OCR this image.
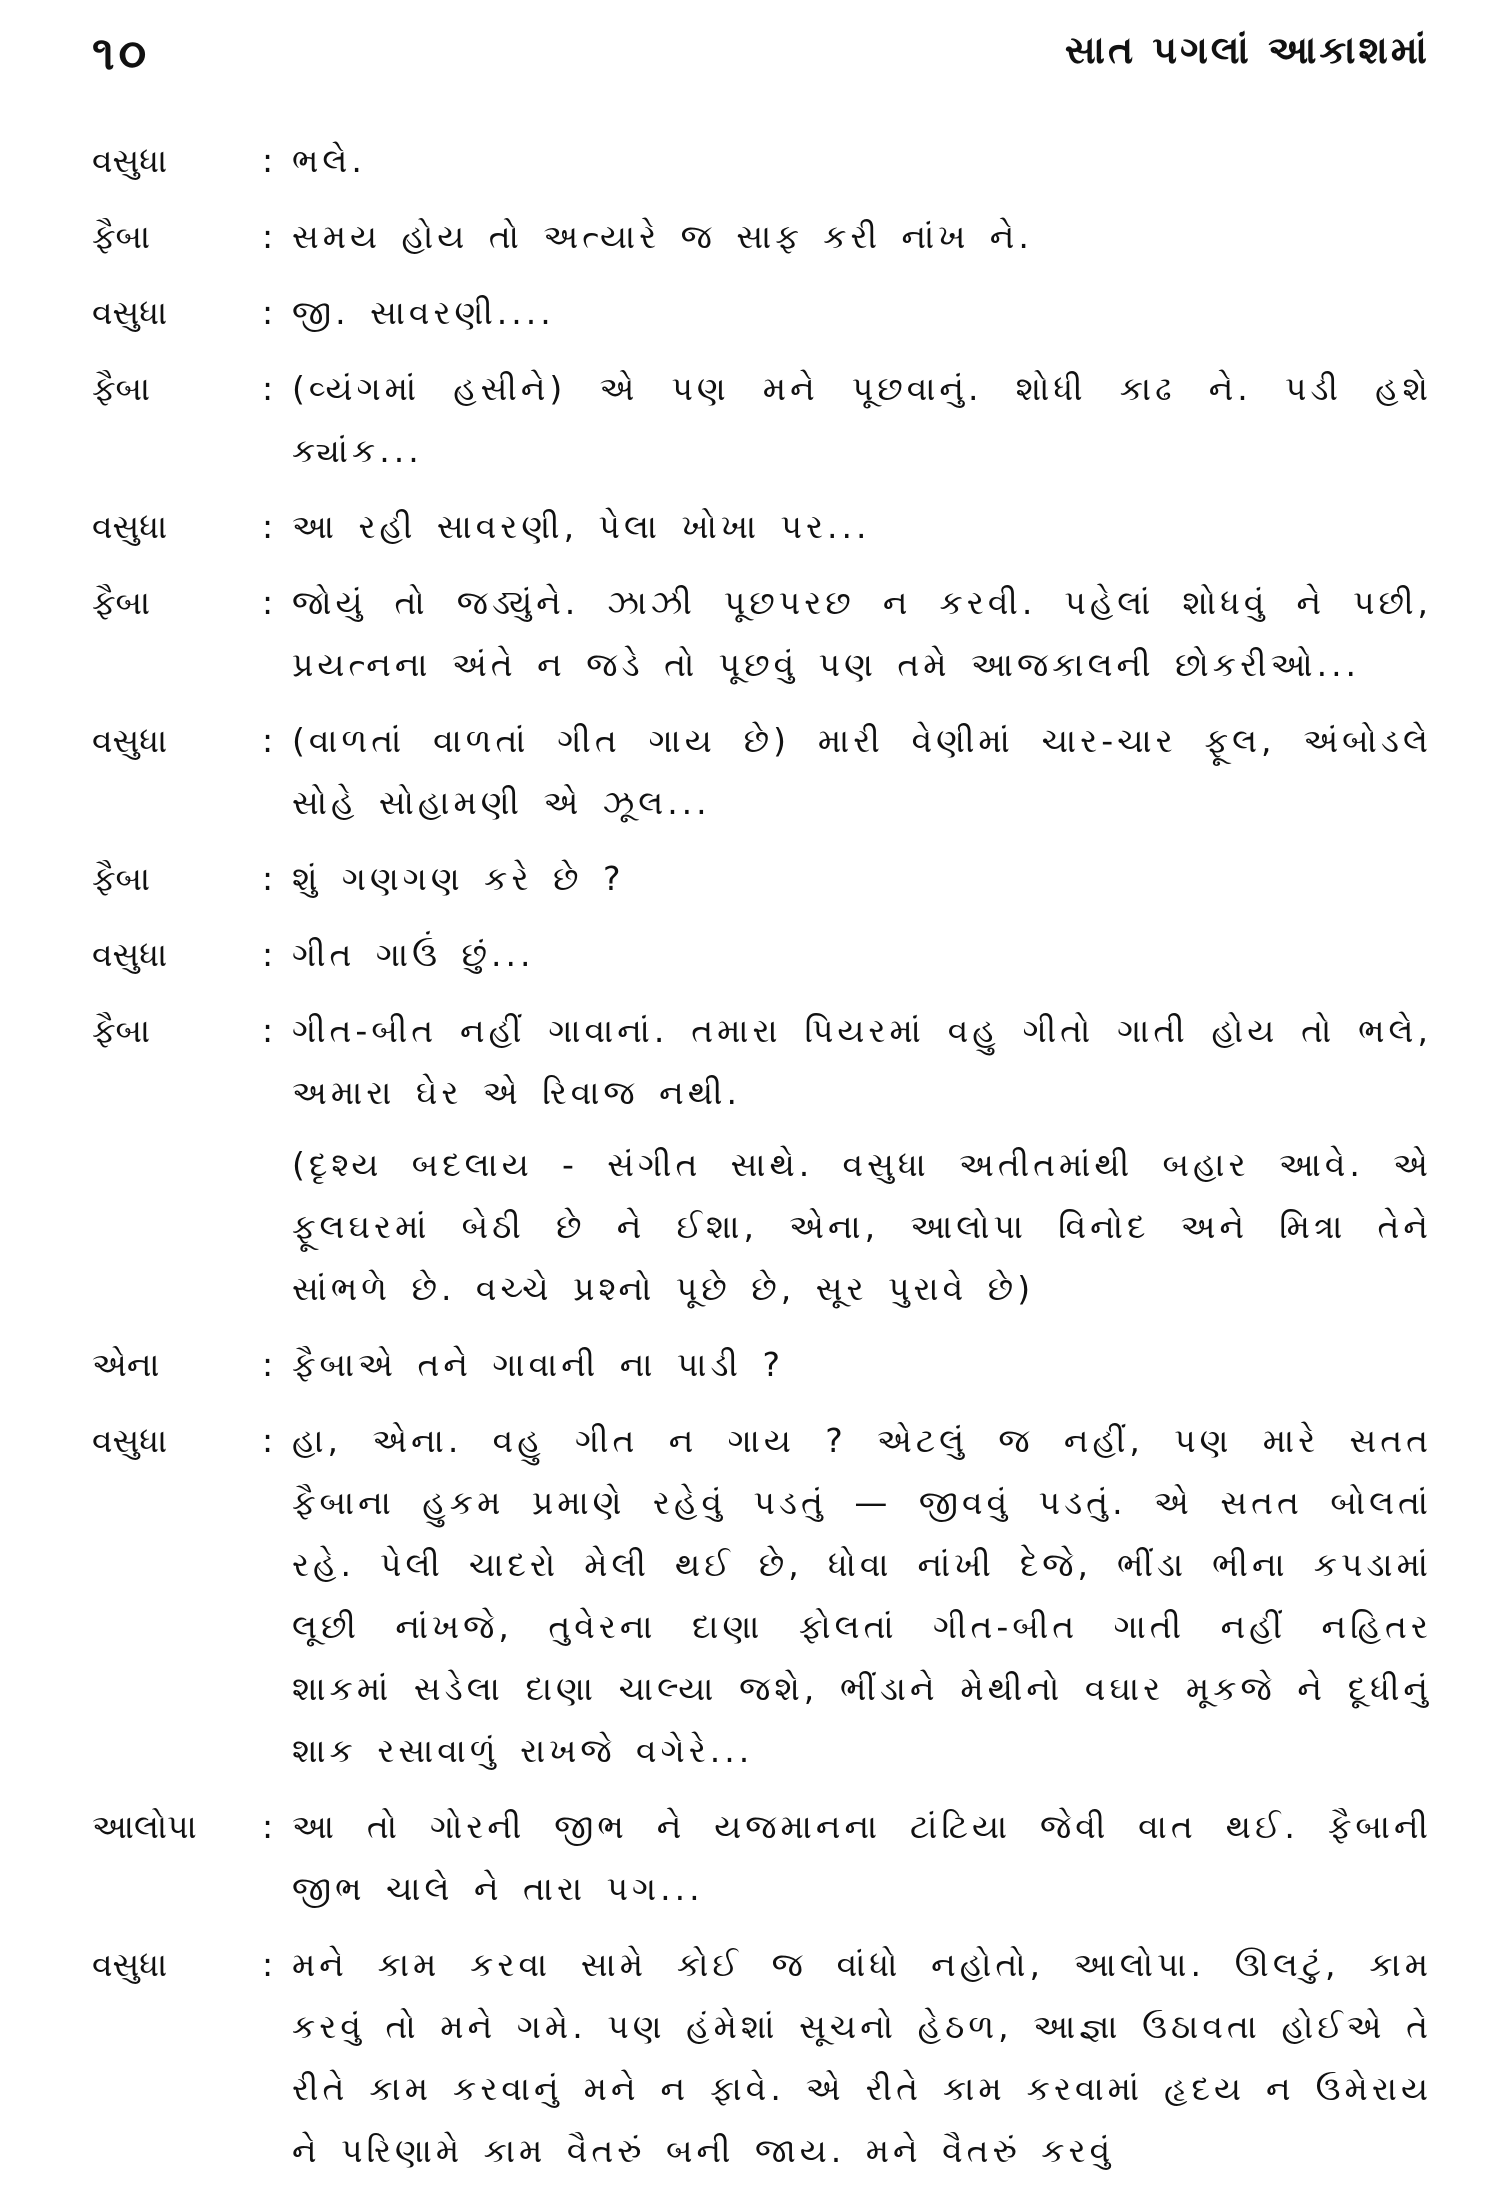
૧૦	સાત પગલાં આકાશમાં
વસુધા	: ભલે.
ફૈબા	: સમય હોય તો અત્યારે જ સાફ કરી નાંખ ને.
વસુધા	: જી. સાવરણી....
ફૈબા	: (વ્યંગમાં હસીને) એ પણ મને પૂછવાનું. શોધી કાઢ ને. પડી હશે ક્યાંક...
વસુધા	: આ રહી સાવરણી, પેલા ખોખા પર...
ફૈબા	: જોયું તો જડ્યુંને. ઝાઝી પૂછપરછ ન કરવી. પહેલાં શોધવું ને પછી, પ્રયત્નના અંતે ન જડે તો પૂછવું પણ તમે આજકાલની છોકરીઓ...
વસુધા	: (વાળતાં વાળતાં ગીત ગાય છે) મારી વેણીમાં ચાર-ચાર ફૂલ, અંબોડલે સોહે સોહામણી એ ઝૂલ...
ફૈબા	: શું ગણગણ કરે છે ?
વસુધા	: ગીત ગાઉં છું...
ફૈબા	: ગીત-બીત નહીં ગાવાનાં. તમારા પિયરમાં વહુ ગીતો ગાતી હોય તો ભલે, અમારા ઘેર એ રિવાજ નથી.
(દૃશ્ય બદલાય - સંગીત સાથે. વસુધા અતીતમાંથી બહાર આવે. એ ફૂલઘરમાં બેઠી છે ને ઈશા, એના, આલોપા વિનોદ અને મિત્રા તેને સાંભળે છે. વચ્ચે પ્રશ્નો પૂછે છે, સૂર પુરાવે છે)
એના	: ફૈબાએ તને ગાવાની ના પાડી ?
વસુધા	: હા, એના. વહુ ગીત ન ગાય ? એટલું જ નહીં, પણ મારે સતત ફૈબાના હુકમ પ્રમાણે રહેવું પડતું — જીવવું પડતું. એ સતત બોલતાં રહે. પેલી ચાદરો મેલી થઈ છે, ધોવા નાંખી દેજે, ભીંડા ભીના કપડામાં લૂછી નાંખજે, તુવેરના દાણા ફોલતાં ગીત-બીત ગાતી નહીં નહિતર શાકમાં સડેલા દાણા ચાલ્યા જશે, ભીંડાને મેથીનો વઘાર મૂકજે ને દૂધીનું શાક રસાવાળું રાખજે વગેરે...
આલોપા	: આ તો ગોરની જીભ ને યજમાનના ટાંટિયા જેવી વાત થઈ. ફૈબાની જીભ ચાલે ને તારા પગ...
વસુધા	: મને કામ કરવા સામે કોઈ જ વાંધો નહોતો, આલોપા. ઊલટું, કામ કરવું તો મને ગમે. પણ હંમેશાં સૂચનો હેઠળ, આજ્ઞા ઉઠાવતા હોઈએ તે રીતે કામ કરવાનું મને ન ફાવે. એ રીતે કામ કરવામાં હૃદય ન ઉમેરાય ને પરિણામે કામ વૈતરું બની જાય. મને વૈતરું કરવું
